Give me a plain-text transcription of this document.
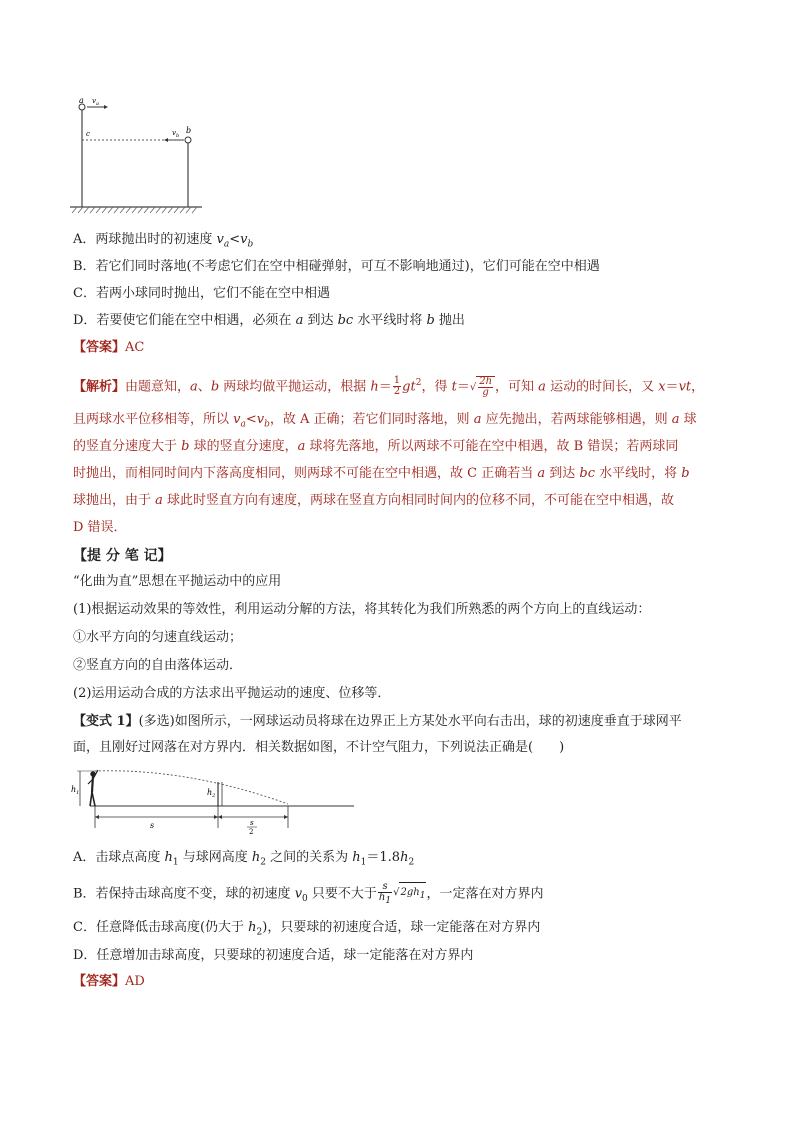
a $v_a$
c	$v_b$
b
A．两球抛出时的初速度 $v_a<v_b$
B．若它们同时落地(不考虑它们在空中相碰弹射，可互不影响地通过)，它们可能在空中相遇
C．若两小球同时抛出，它们不能在空中相遇
D．若要使它们能在空中相遇，必须在 a 到达 bc 水平线时将 b 抛出
【答案】AC
【解析】由题意知，a、b 两球均做平抛运动，根据 $h= \frac{1}{2} gt^2$，得 $t=√ \frac{2h}{g}$ ，可知 a 运动的时间长，又 x＝vt，
且两球水平位移相等，所以 $v_a<v_b$，故 A 正确；若它们同时落地，则 a 应先抛出，若两球能够相遇，则 a 球
的竖直分速度大于 b 球的竖直分速度，a 球将先落地，所以两球不可能在空中相遇，故 B 错误；若两球同
时抛出，而相同时间内下落高度相同，则两球不可能在空中相遇，故 C 正确若当 a 到达 bc 水平线时，将 b
球抛出，由于 a 球此时竖直方向有速度，两球在竖直方向相同时间内的位移不同，不可能在空中相遇，故
D 错误．
【提 分 笔 记】
“化曲为直”思想在平抛运动中的应用
(1)根据运动效果的等效性，利用运动分解的方法，将其转化为我们所熟悉的两个方向上的直线运动：
①水平方向的匀速直线运动；
②竖直方向的自由落体运动．
(2)运用运动合成的方法求出平抛运动的速度、位移等．
【变式 1】(多选)如图所示，一网球运动员将球在边界正上方某处水平向右击出，球的初速度垂直于球网平
面，且刚好过网落在对方界内．相关数据如图，不计空气阻力，下列说法正确是(　　)
$h_1$	$h_2$
s	s
2
A．击球点高度 $h_1$ 与球网高度 $h_2$ 之间的关系为 $h_1=1.8h_2$
B．若保持击球高度不变，球的初速度 $v_0$ 只要不大于 $\frac{s}{h_1} √2gh_1$，一定落在对方界内
C．任意降低击球高度(仍大于 $h_2$)，只要球的初速度合适，球一定能落在对方界内
D．任意增加击球高度，只要球的初速度合适，球一定能落在对方界内
【答案】AD
